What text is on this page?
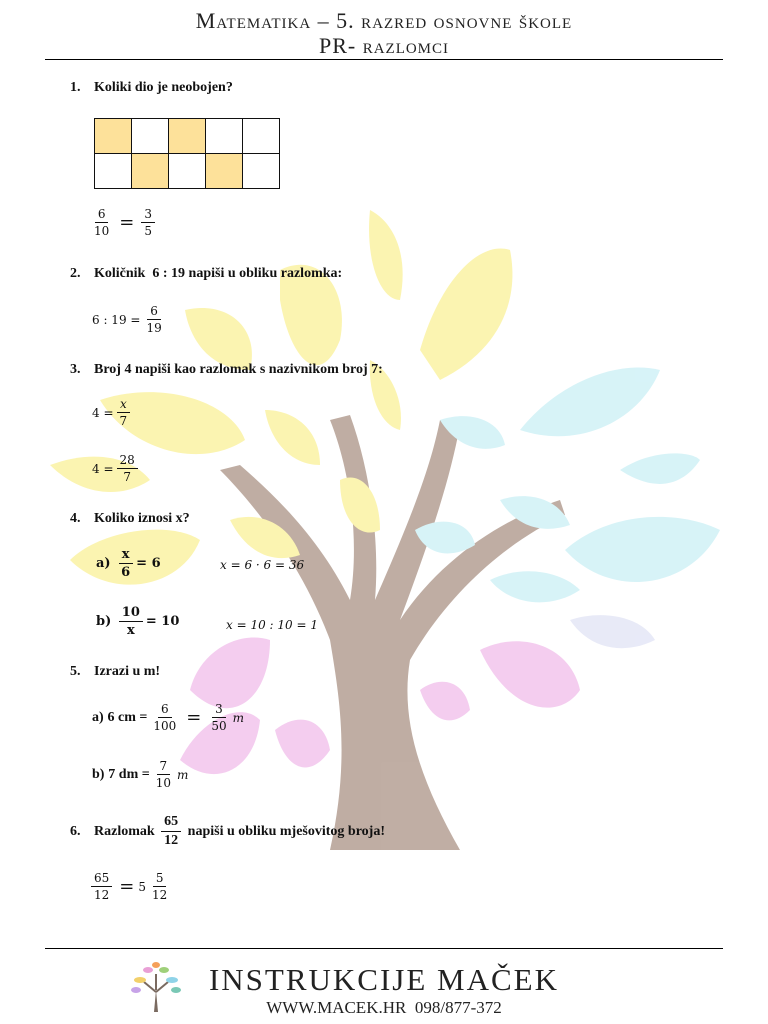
Matematika – 5. razred osnovne škole
PR- razlomci
1. Koliki dio je neobojen?

$\frac{6}{10} = \frac{3}{5}$
2. Količnik 6 : 19 napiši u obliku razlomka:
6 : $19 = \frac{6}{19}$
3. Broj 4 napiši kao razlomak s nazivnikom broj 7:
$4 = \frac{x}{7}$
$4 = \frac{28}{7}$
4. Koliko iznosi x?
a)
$\frac{x}{6} = 6$	x = 6 · 6 = 36
b)
$\frac{10}{x} = 10$	x = 10 : 10 = 1
5. Izrazi u m!
a)
6 cm = $\frac{6}{100} = \frac{3}{50}$ m
b)
7 dm = $\frac{7}{10}$ m
6. Razlomak
$\frac{65}{12}$
napiši u obliku mješovitog broja!
$\frac{65}{12} = 5 \frac{5}{12}$
INSTRUKCIJE MAČEK
WWW.MACEK.HR 098/877-372
